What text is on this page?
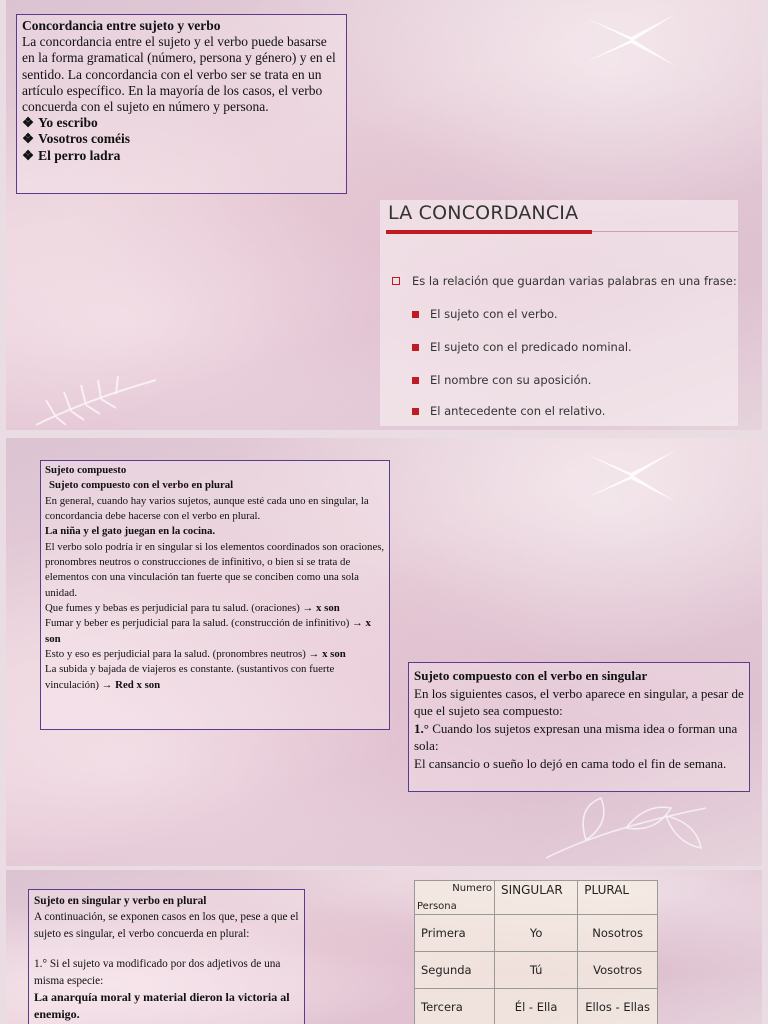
Concordancia entre sujeto y verbo
La concordancia entre el sujeto y el verbo puede basarse en la forma gramatical (número, persona y género) y en el sentido. La concordancia con el verbo ser se trata en un artículo específico. En la mayoría de los casos, el verbo concuerda con el sujeto en número y persona.
❖ Yo escribo
❖ Vosotros coméis
❖ El perro ladra
LA CONCORDANCIA
Es la relación que guardan varias palabras en una frase:
El sujeto con el verbo.
El sujeto con el predicado nominal.
El nombre con su aposición.
El antecedente con el relativo.
Sujeto compuesto
Sujeto compuesto con el verbo en plural
En general, cuando hay varios sujetos, aunque esté cada uno en singular, la concordancia debe hacerse con el verbo en plural.
La niña y el gato juegan en la cocina.
El verbo solo podría ir en singular si los elementos coordinados son oraciones, pronombres neutros o construcciones de infinitivo, o bien si se trata de elementos con una vinculación tan fuerte que se conciben como una sola unidad.
Que fumes y bebas es perjudicial para tu salud. (oraciones) → x son
Fumar y beber es perjudicial para la salud. (construcción de infinitivo) → x son
Esto y eso es perjudicial para la salud. (pronombres neutros) → x son
La subida y bajada de viajeros es constante. (sustantivos con fuerte vinculación) → Red x son
Sujeto compuesto con el verbo en singular
En los siguientes casos, el verbo aparece en singular, a pesar de que el sujeto sea compuesto:
1.° Cuando los sujetos expresan una misma idea o forman una sola:
El cansancio o sueño lo dejó en cama todo el fin de semana.
Sujeto en singular y verbo en plural
A continuación, se exponen casos en los que, pese a que el sujeto es singular, el verbo concuerda en plural:
1.° Si el sujeto va modificado por dos adjetivos de una misma especie:
La anarquía moral y material dieron la victoria al enemigo.
Numero
Persona	SINGULAR	PLURAL
Primera	Yo	Nosotros
Segunda	Tú	Vosotros
Tercera	Él - Ella	Ellos - Ellas
